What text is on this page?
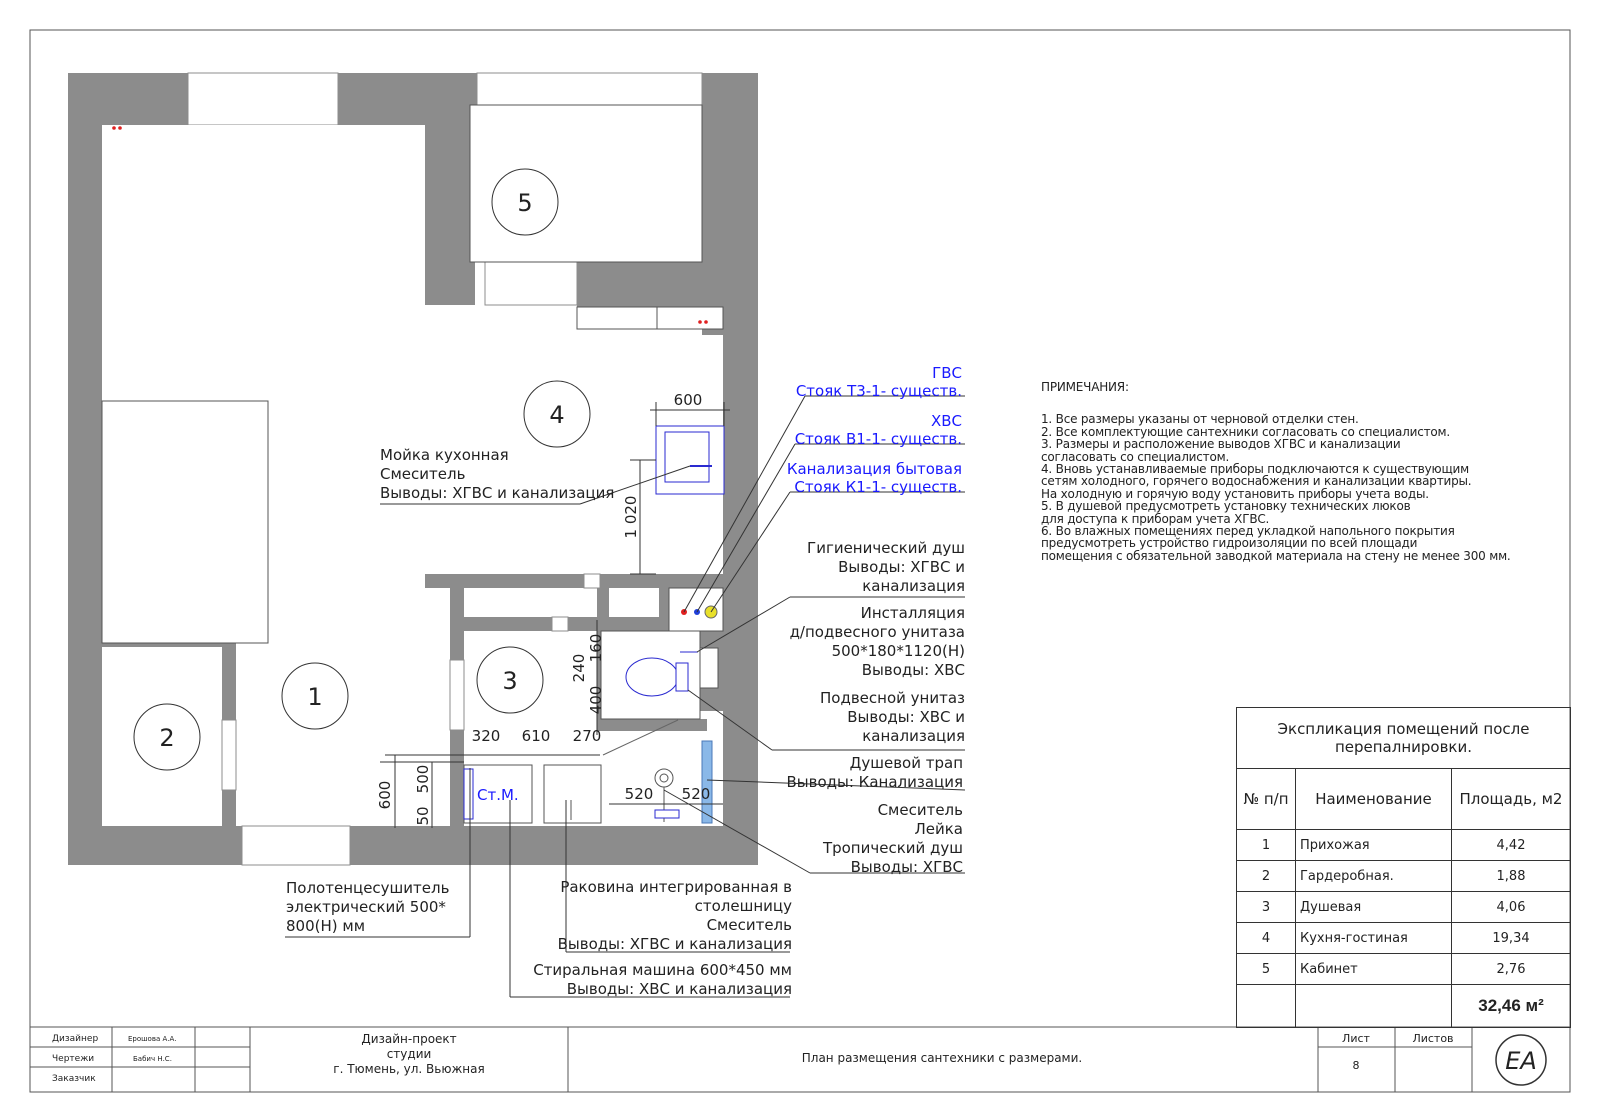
Ст.М.
5
4
1
2
3
600
1 020
160
240
400
320 610 270
600
500
50
520 520
ГВС
Стояк Т3-1- существ.
ХВС
Стояк В1-1- существ.
Канализация бытовая
Стояк К1-1- существ.
Мойка кухонная
Смеситель
Выводы: ХГВС и канализация
Гигиенический душ
Выводы: ХГВС и
канализация
Инсталляция
д/подвесного унитаза
500*180*1120(H)
Выводы: ХВС
Подвесной унитаз
Выводы: ХВС и
канализация
Душевой трап
Выводы: Канализация
Смеситель
Лейка
Тропический душ
Выводы: ХГВС
Полотенцесушитель
электрический 500*
800(H) мм
Раковина интегрированная в
столешницу
Смеситель
Выводы: ХГВС и канализация
Стиральная машина 600*450 мм
Выводы: ХВС и канализация
Дизайнер	Ерошова А.А.
Чертежи	Бабич Н.С.
Заказчик
Дизайн-проект
студии
г. Тюмень, ул. Вьюжная
План размещения сантехники с размерами.
Лист	Листов
8	EA
ПРИМЕЧАНИЯ:
1. Все размеры указаны от черновой отделки стен.
2. Все комплектующие сантехники согласовать со специалистом.
3. Размеры и расположение выводов ХГВС и канализации
согласовать со специалистом.
4. Вновь устанавливаемые приборы подключаются к существующим
сетям холодного, горячего водоснабжения и канализации квартиры.
На холодную и горячую воду установить приборы учета воды.
5. В душевой предусмотреть установку технических люков
для доступа к приборам учета ХГВС.
6. Во влажных помещениях перед укладкой напольного покрытия
предусмотреть устройство гидроизоляции по всей площади
помещения с обязательной заводкой материала на стену не менее 300 мм.
Экспликация помещений после перепалнировки.		
№ п/п	Наименование	Площадь, м2
1	Прихожая	4,42
2	Гардеробная.	1,88
3	Душевая	4,06
4	Кухня-гостиная	19,34
5	Кабинет	2,76
		32,46 м²
